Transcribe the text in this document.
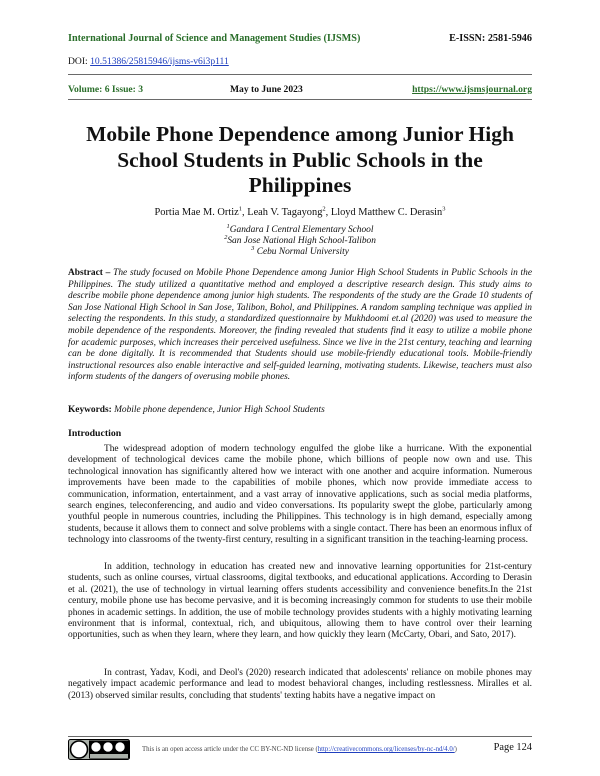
International Journal of Science and Management Studies (IJSMS)	E-ISSN: 2581-5946
DOI: 10.51386/25815946/ijsms-v6i3p111
Volume: 6 Issue: 3	May to June 2023	https://www.ijsmsjournal.org
Mobile Phone Dependence among Junior High School Students in Public Schools in the Philippines
Portia Mae M. Ortiz$^1$, Leah V. Tagayong$^2$, Lloyd Matthew C. Derasin$^3$
$^1$Gandara I Central Elementary School
$^2$San Jose National High School-Talibon
$^3$ Cebu Normal University
Abstract – The study focused on Mobile Phone Dependence among Junior High School Students in Public Schools in the Philippines. The study utilized a quantitative method and employed a descriptive research design. This study aims to describe mobile phone dependence among junior high students. The respondents of the study are the Grade 10 students of San Jose National High School in San Jose, Talibon, Bohol, and Philippines. A random sampling technique was applied in selecting the respondents. In this study, a standardized questionnaire by Mukhdoomi et.al (2020) was used to measure the mobile dependence of the respondents. Moreover, the finding revealed that students find it easy to utilize a mobile phone for academic purposes, which increases their perceived usefulness. Since we live in the 21st century, teaching and learning can be done digitally. It is recommended that Students should use mobile-friendly educational tools. Mobile-friendly instructional resources also enable interactive and self-guided learning, motivating students. Likewise, teachers must also inform students of the dangers of overusing mobile phones.
Keywords: Mobile phone dependence, Junior High School Students
Introduction
The widespread adoption of modern technology engulfed the globe like a hurricane. With the exponential development of technological devices came the mobile phone, which billions of people now own and use. This technological innovation has significantly altered how we interact with one another and acquire information. Numerous improvements have been made to the capabilities of mobile phones, which now provide immediate access to communication, information, entertainment, and a vast array of innovative applications, such as social media platforms, search engines, teleconferencing, and audio and video conversations. Its popularity swept the globe, particularly among youthful people in numerous countries, including the Philippines. This technology is in high demand, especially among students, because it allows them to connect and solve problems with a single contact. There has been an enormous influx of technology into classrooms of the twenty-first century, resulting in a significant transition in the teaching-learning process.
In addition, technology in education has created new and innovative learning opportunities for 21st-century students, such as online courses, virtual classrooms, digital textbooks, and educational applications. According to Derasin et al. (2021), the use of technology in virtual learning offers students accessibility and convenience benefits.In the 21st century, mobile phone use has become pervasive, and it is becoming increasingly common for students to use their mobile phones in academic settings. In addition, the use of mobile technology provides students with a highly motivating learning environment that is informal, contextual, rich, and ubiquitous, allowing them to have control over their learning opportunities, such as when they learn, where they learn, and how quickly they learn (McCarty, Obari, and Sato, 2017).
In contrast, Yadav, Kodi, and Deol's (2020) research indicated that adolescents' reliance on mobile phones may negatively impact academic performance and lead to modest behavioral changes, including restlessness. Miralles et al. (2013) observed similar results, concluding that students' texting habits have a negative impact on
This is an open access article under the CC BY-NC-ND license (http://creativecommons.org/licenses/by-nc-nd/4.0/)	Page 124
